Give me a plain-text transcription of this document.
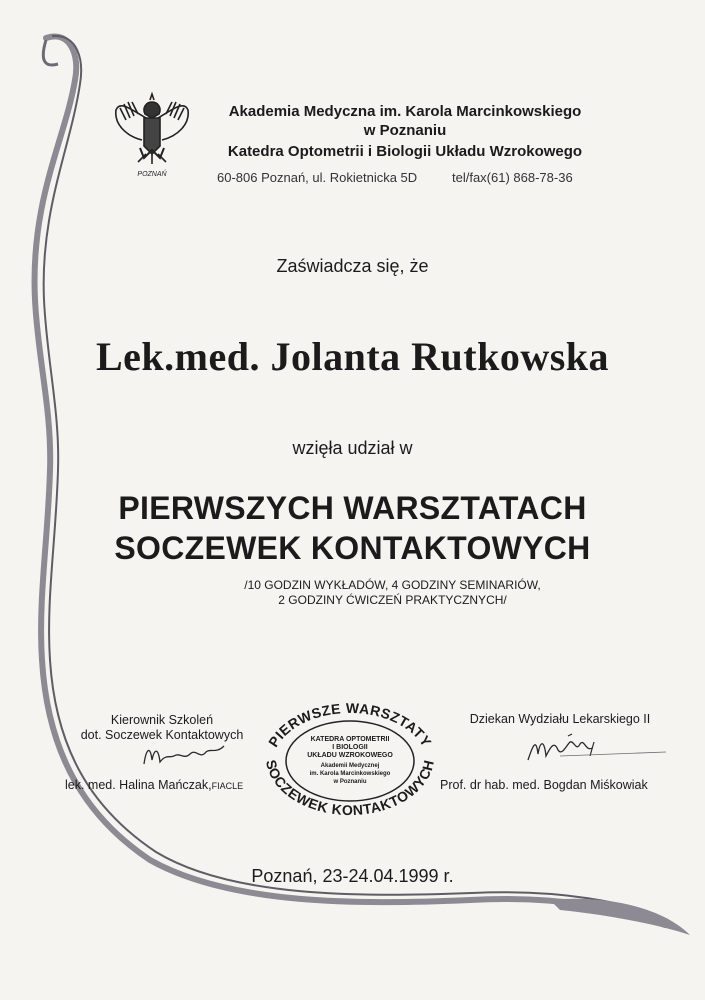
POZNAŃ
Akademia Medyczna im. Karola Marcinkowskiego
w Poznaniu
Katedra Optometrii i Biologii Układu Wzrokowego
60-806 Poznań, ul. Rokietnicka 5D	tel/fax(61) 868-78-36
Zaświadcza się, że
Lek.med. Jolanta Rutkowska
wzięła udział w
PIERWSZYCH WARSZTATACH
SOCZEWEK KONTAKTOWYCH
/10 GODZIN WYKŁADÓW, 4 GODZINY SEMINARIÓW,
2 GODZINY ĆWICZEŃ PRAKTYCZNYCH/
Kierownik Szkoleń
dot. Soczewek Kontaktowych
lek. med. Halina Mańczak,FIACLE
PIERWSZE WARSZTATY
SOCZEWEK KONTAKTOWYCH
KATEDRA OPTOMETRII
I BIOLOGII
UKŁADU WZROKOWEGO
Akademii Medycznej
im. Karola Marcinkowskiego
w Poznaniu
Dziekan Wydziału Lekarskiego II
Prof. dr hab. med. Bogdan Miśkowiak
Poznań, 23-24.04.1999 r.
